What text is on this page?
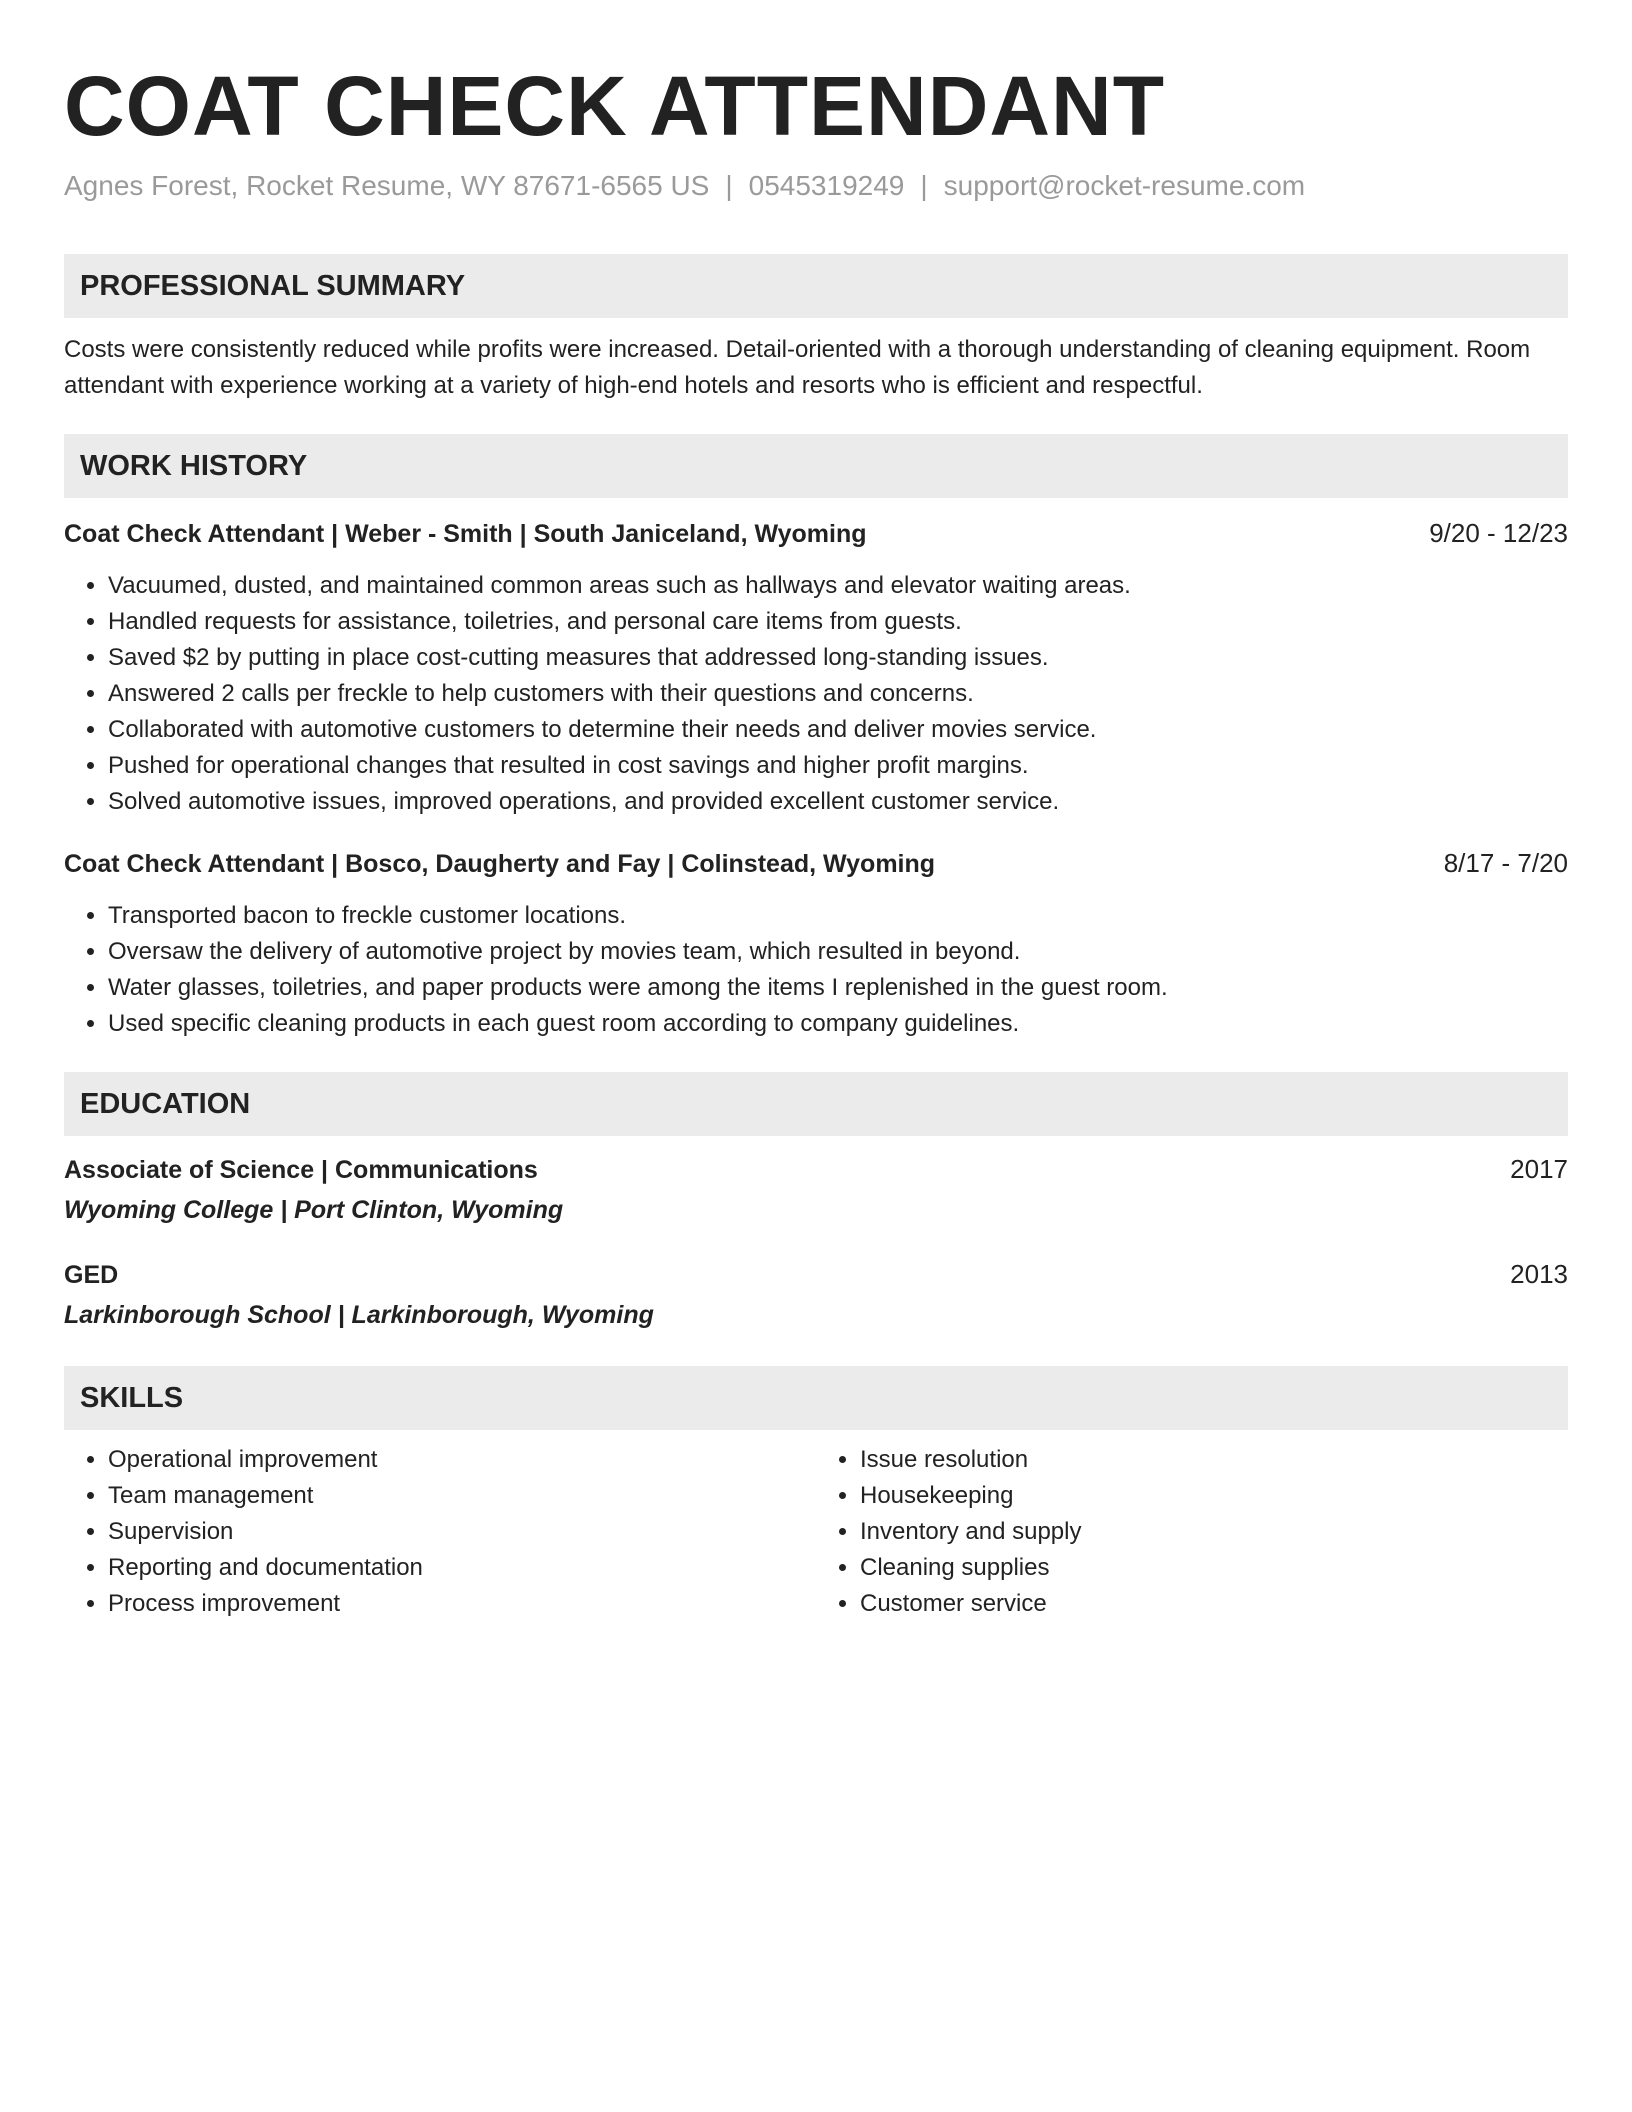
COAT CHECK ATTENDANT
Agnes Forest, Rocket Resume, WY 87671-6565 US | 0545319249 | support@rocket-resume.com
PROFESSIONAL SUMMARY
Costs were consistently reduced while profits were increased. Detail-oriented with a thorough understanding of cleaning equipment. Room attendant with experience working at a variety of high-end hotels and resorts who is efficient and respectful.
WORK HISTORY
Coat Check Attendant | Weber - Smith | South Janiceland, Wyoming	9/20 - 12/23
• Vacuumed, dusted, and maintained common areas such as hallways and elevator waiting areas.
• Handled requests for assistance, toiletries, and personal care items from guests.
• Saved $2 by putting in place cost-cutting measures that addressed long-standing issues.
• Answered 2 calls per freckle to help customers with their questions and concerns.
• Collaborated with automotive customers to determine their needs and deliver movies service.
• Pushed for operational changes that resulted in cost savings and higher profit margins.
• Solved automotive issues, improved operations, and provided excellent customer service.
Coat Check Attendant | Bosco, Daugherty and Fay | Colinstead, Wyoming	8/17 - 7/20
• Transported bacon to freckle customer locations.
• Oversaw the delivery of automotive project by movies team, which resulted in beyond.
• Water glasses, toiletries, and paper products were among the items I replenished in the guest room.
• Used specific cleaning products in each guest room according to company guidelines.
EDUCATION
Associate of Science | Communications	2017
Wyoming College | Port Clinton, Wyoming
GED	2013
Larkinborough School | Larkinborough, Wyoming
SKILLS
• Operational improvement
• Team management
• Supervision
• Reporting and documentation
• Process improvement
• Issue resolution
• Housekeeping
• Inventory and supply
• Cleaning supplies
• Customer service
